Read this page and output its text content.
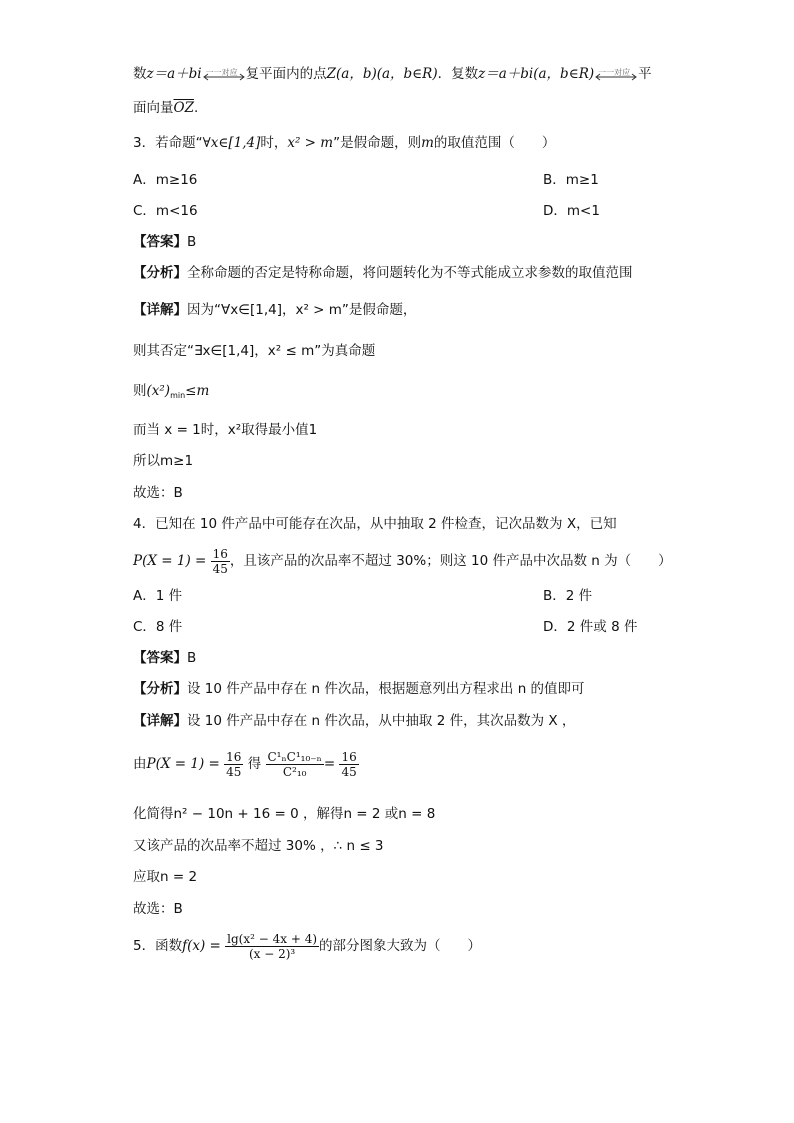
数z＝a＋bi 一一对应 复平面内的点Z(a，b)(a，b∈R)．复数z＝a＋bi(a，b∈R) 一一对应 平
面向量$\overline{OZ}$.
3．若命题“∀x∈[1,4]时，x² > m”是假命题，则m的取值范围（　　）
A．m≥16	B．m≥1
C．m<16	D．m<1
【答案】B
【分析】全称命题的否定是特称命题，将问题转化为不等式能成立求参数的取值范围
【详解】因为“∀x∈[1,4]，x² > m”是假命题，
则其否定“∃x∈[1,4]，x² ≤ m”为真命题
则$(x^2)_{min}\le m$
而当 x = 1时，x²取得最小值1
所以m≥1
故选：B
4．已知在 10 件产品中可能存在次品，从中抽取 2 件检查，记次品数为 X，已知
$P(X = 1) = \frac{16}{45}$ ，且该产品的次品率不超过 30%；则这 10 件产品中次品数 n 为（　　）
A．1 件	B．2 件
C．8 件	D．2 件或 8 件
【答案】B
【分析】设 10 件产品中存在 n 件次品，根据题意列出方程求出 n 的值即可
【详解】设 10 件产品中存在 n 件次品，从中抽取 2 件，其次品数为 X ，
由$P(X = 1) = \frac{16}{45}$ 得 $\frac{\text{C¹ₙC¹₁₀₋ₙ}}{\text{C²₁₀}} = \frac{16}{45}$
化简得n² − 10n + 16 = 0 ，解得n = 2 或n = 8
又该产品的次品率不超过 30% ，∴ n ≤ 3
应取n = 2
故选：B
5．函数$f(x) = \frac{\text{lg(x² − 4x + 4)}}{\text{(x − 2)³}}$ 的部分图象大致为（　　）
